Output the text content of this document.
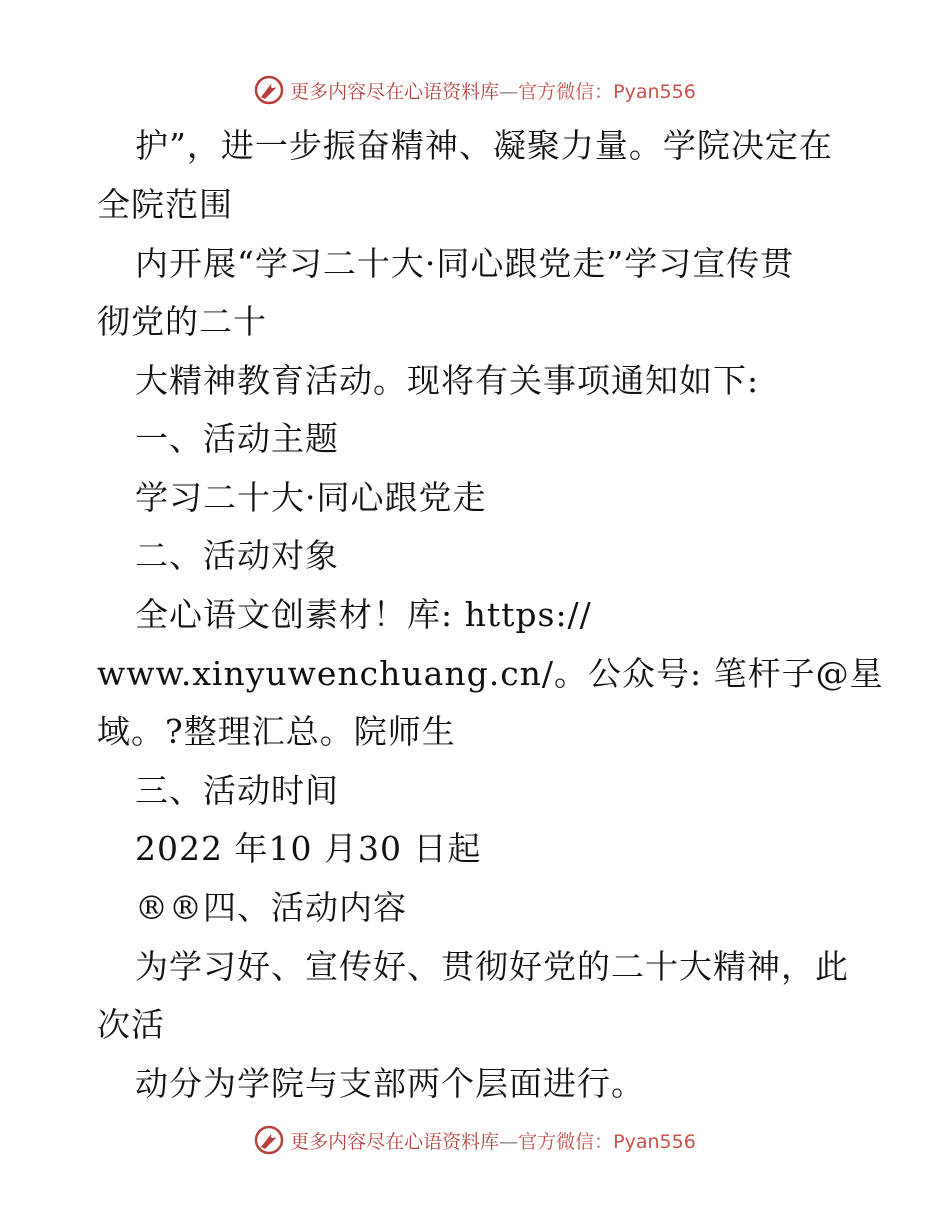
更多内容尽在心语资料库—官方微信：Pyan556
护”，进一步振奋精神、凝聚力量。学院决定在
全院范围
内开展“学习二十大·同心跟党走”学习宣传贯
彻党的二十
大精神教育活动。现将有关事项通知如下:
一、活动主题
学习二十大·同心跟党走
二、活动对象
全心语文创素材！库: https://
www.xinyuwenchuang.cn/。公众号: 笔杆子@星
域。?整理汇总。院师生
三、活动时间
2022 年10 月30 日起
®®四、活动内容
为学习好、宣传好、贯彻好党的二十大精神，此
次活
动分为学院与支部两个层面进行。
更多内容尽在心语资料库—官方微信：Pyan556
